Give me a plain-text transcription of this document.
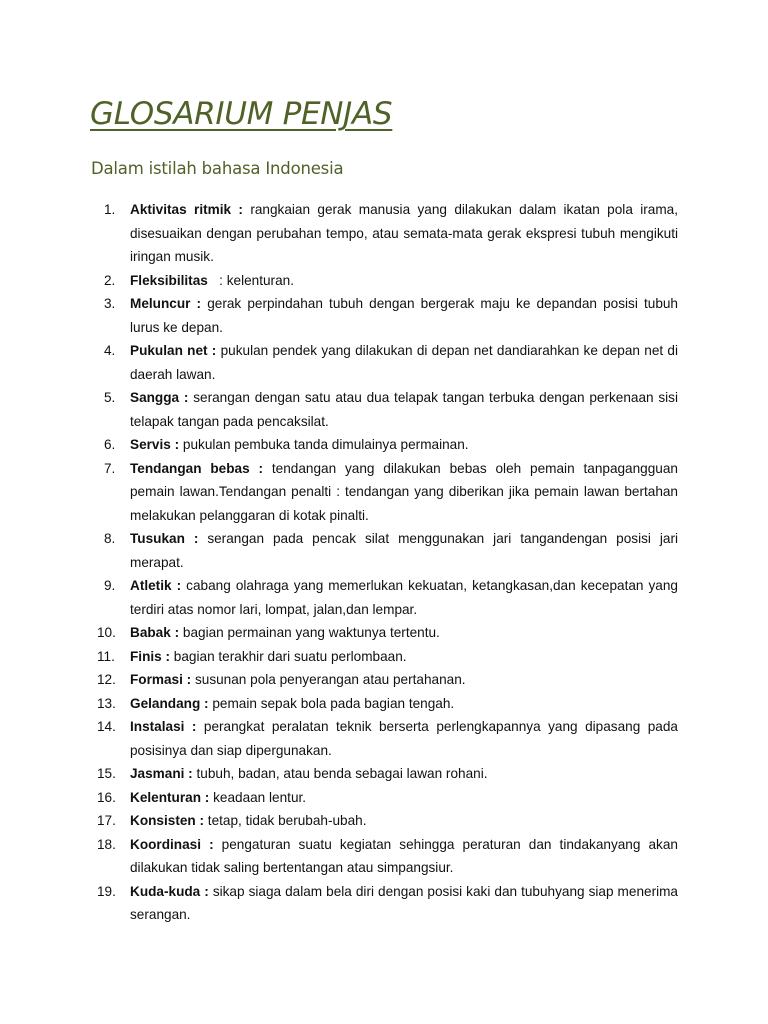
GLOSARIUM PENJAS
Dalam istilah bahasa Indonesia
1.	Aktivitas ritmik : rangkaian gerak manusia yang dilakukan dalam ikatan pola irama, disesuaikan dengan perubahan tempo, atau semata-mata gerak ekspresi tubuh mengikuti iringan musik.
2.	Fleksibilitas   : kelenturan.
3.	Meluncur : gerak perpindahan tubuh dengan bergerak maju ke depandan posisi tubuh lurus ke depan.
4.	Pukulan net : pukulan pendek yang dilakukan di depan net dandiarahkan ke depan net di daerah lawan.
5.	Sangga : serangan dengan satu atau dua telapak tangan terbuka dengan perkenaan sisi telapak tangan pada pencaksilat.
6.	Servis : pukulan pembuka tanda dimulainya permainan.
7.	Tendangan bebas : tendangan yang dilakukan bebas oleh pemain tanpagangguan pemain lawan.Tendangan penalti : tendangan yang diberikan jika pemain lawan bertahan melakukan pelanggaran di kotak pinalti.
8.	Tusukan : serangan pada pencak silat menggunakan jari tangandengan posisi jari merapat.
9.	Atletik : cabang olahraga yang memerlukan kekuatan, ketangkasan,dan kecepatan yang terdiri atas nomor lari, lompat, jalan,dan lempar.
10.	Babak : bagian permainan yang waktunya tertentu.
11.	Finis : bagian terakhir dari suatu perlombaan.
12.	Formasi : susunan pola penyerangan atau pertahanan.
13.	Gelandang : pemain sepak bola pada bagian tengah.
14.	Instalasi : perangkat peralatan teknik berserta perlengkapannya yang dipasang pada posisinya dan siap dipergunakan.
15.	Jasmani : tubuh, badan, atau benda sebagai lawan rohani.
16.	Kelenturan : keadaan lentur.
17.	Konsisten : tetap, tidak berubah-ubah.
18.	Koordinasi : pengaturan suatu kegiatan sehingga peraturan dan tindakanyang akan dilakukan tidak saling bertentangan atau simpangsiur.
19.	Kuda-kuda : sikap siaga dalam bela diri dengan posisi kaki dan tubuhyang siap menerima serangan.
